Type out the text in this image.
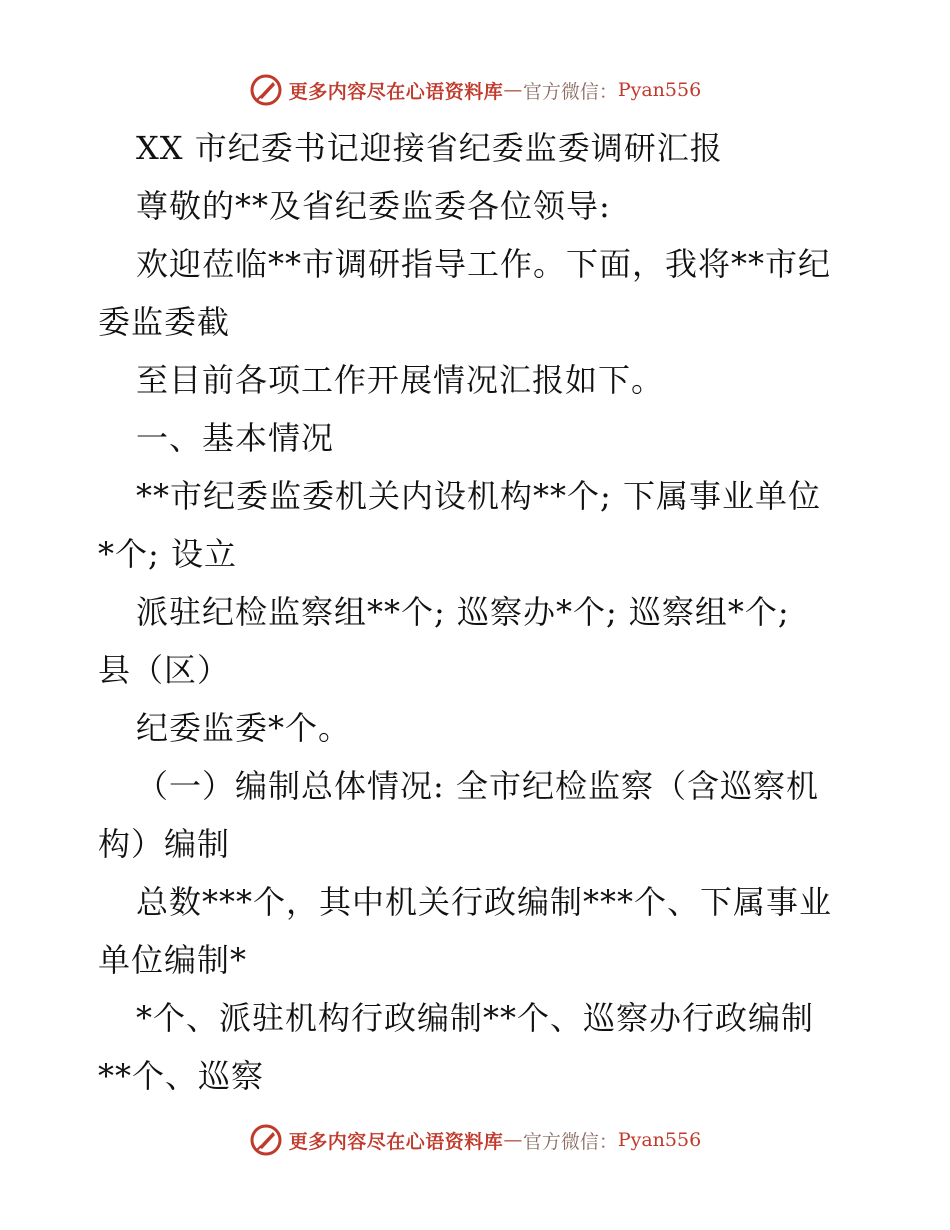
更多内容尽在心语资料库 — 官方微信： Pyan556
XX 市纪委书记迎接省纪委监委调研汇报
尊敬的**及省纪委监委各位领导:
欢迎莅临**市调研指导工作。下面，我将**市纪
委监委截
至目前各项工作开展情况汇报如下。
一、基本情况
**市纪委监委机关内设机构**个; 下属事业单位
*个; 设立
派驻纪检监察组**个; 巡察办*个; 巡察组*个;
县（区）
纪委监委*个。
（一）编制总体情况: 全市纪检监察（含巡察机
构）编制
总数***个，其中机关行政编制***个、下属事业
单位编制*
*个、派驻机构行政编制**个、巡察办行政编制
**个、巡察
更多内容尽在心语资料库 — 官方微信： Pyan556
